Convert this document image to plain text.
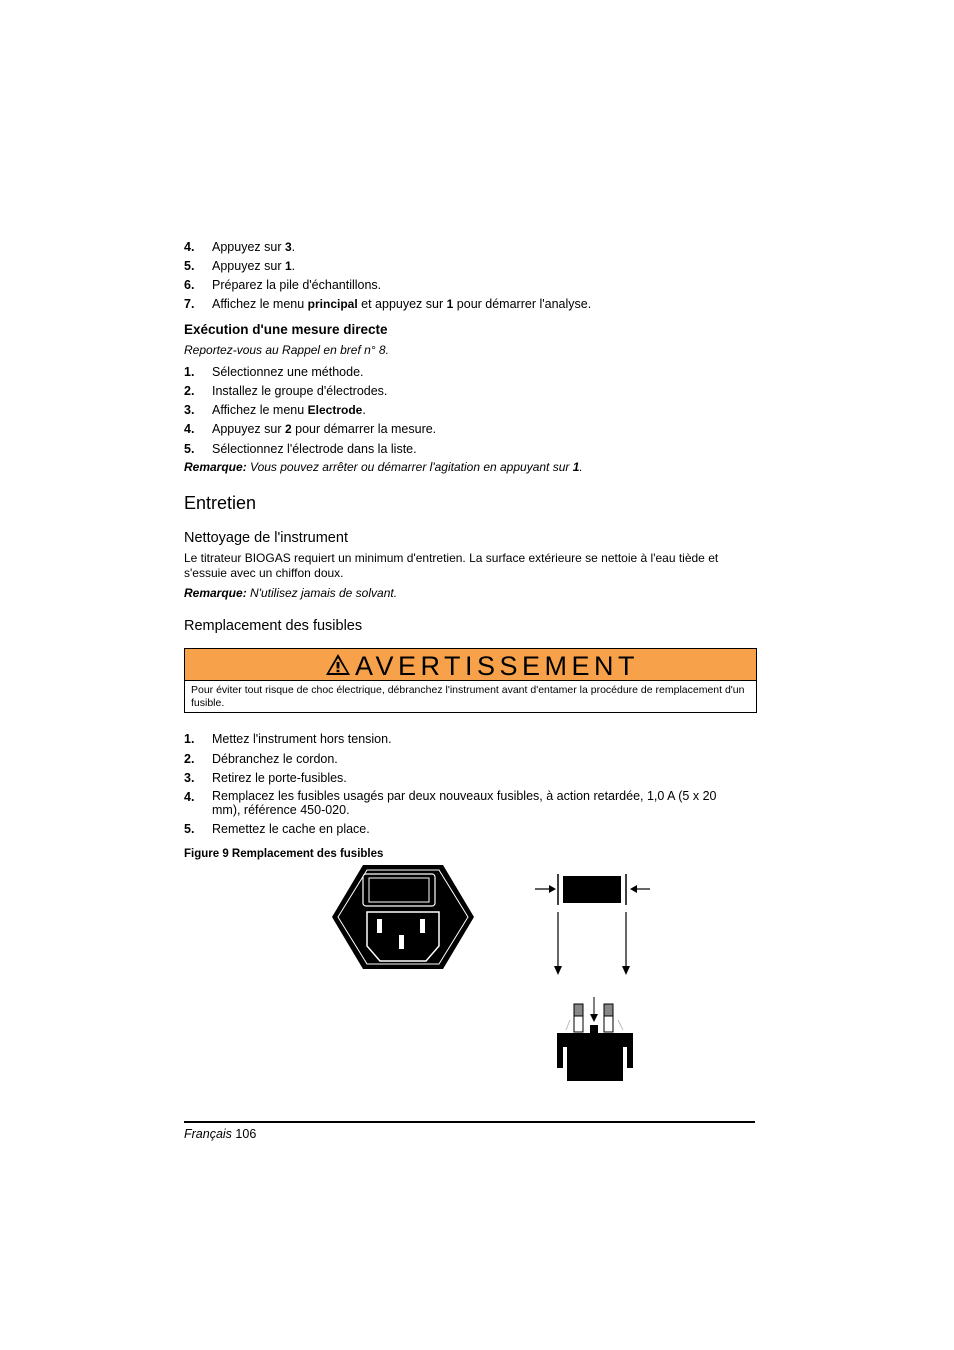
4. Appuyez sur 3.
5. Appuyez sur 1.
6. Préparez la pile d'échantillons.
7. Affichez le menu principal et appuyez sur 1 pour démarrer l'analyse.
Exécution d'une mesure directe
Reportez-vous au Rappel en bref n° 8.
1. Sélectionnez une méthode.
2. Installez le groupe d'électrodes.
3. Affichez le menu Electrode.
4. Appuyez sur 2 pour démarrer la mesure.
5. Sélectionnez l'électrode dans la liste.
Remarque: Vous pouvez arrêter ou démarrer l'agitation en appuyant sur 1.
Entretien
Nettoyage de l'instrument
Le titrateur BIOGAS requiert un minimum d'entretien. La surface extérieure se nettoie à l'eau tiède et s'essuie avec un chiffon doux.
Remarque: N'utilisez jamais de solvant.
Remplacement des fusibles
AVERTISSEMENT
Pour éviter tout risque de choc électrique, débranchez l'instrument avant d'entamer la procédure de remplacement d'un fusible.
1. Mettez l'instrument hors tension.
2. Débranchez le cordon.
3. Retirez le porte-fusibles.
4. Remplacez les fusibles usagés par deux nouveaux fusibles, à action retardée, 1,0 A (5 x 20 mm), référence 450-020.
5. Remettez le cache en place.
Figure 9 Remplacement des fusibles
Français 106
